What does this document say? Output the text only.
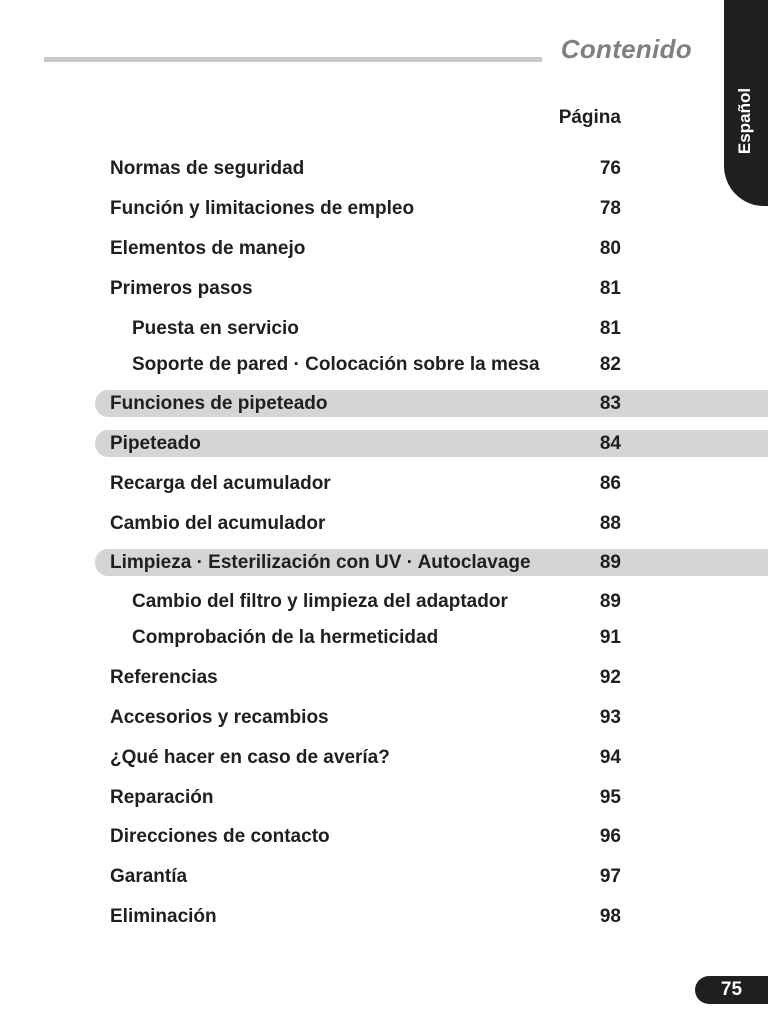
Contenido
Español
Página
Normas de seguridad	76
Función y limitaciones de empleo	78
Elementos de manejo	80
Primeros pasos	81
Puesta en servicio	81
Soporte de pared · Colocación sobre la mesa	82
Funciones de pipeteado	83
Pipeteado	84
Recarga del acumulador	86
Cambio del acumulador	88
Limpieza · Esterilización con UV · Autoclavage	89
Cambio del filtro y limpieza del adaptador	89
Comprobación de la hermeticidad	91
Referencias	92
Accesorios y recambios	93
¿Qué hacer en caso de avería?	94
Reparación	95
Direcciones de contacto	96
Garantía	97
Eliminación	98
75
